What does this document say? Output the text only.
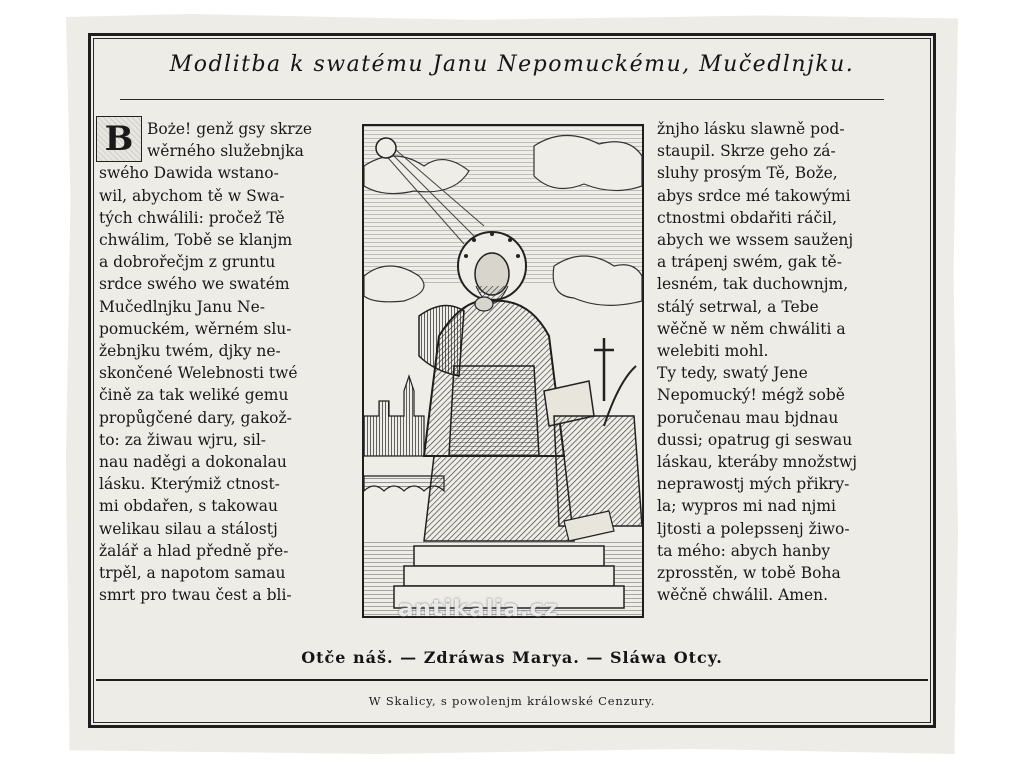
Modlitba k swatému Janu Nepomuckému, Mučedlnjku.
B Boże! genž gsy skrze
wěrného služebnjka
swého Dawida wstano-
wil, abychom tě w Swa-
tých chwálili: pročež Tě
chwálim, Tobě se klanjm
a dobrořečjm z gruntu
srdce swého we swatém
Mučedlnjku Janu Ne-
pomuckém, wěrném slu-
žebnjku twém, djky ne-
skončené Welebnosti twé
čině za tak weliké gemu
propůgčené dary, gakož-
to: za žiwau wjru, sil-
nau naděgi a dokonalau
lásku. Kterýmiž ctnost-
mi obdařen, s takowau
welikau silau a stálostj
žalář a hlad předně pře-
trpěl, a napotom samau
smrt pro twau čest a bli-
žnjho lásku slawně pod-
staupil. Skrze geho zá-
sluhy prosým Tě, Bože,
abys srdce mé takowými
ctnostmi obdařiti ráčil,
abych we wssem sauženj
a trápenj swém, gak tě-
lesném, tak duchownjm,
stálý setrwal, a Tebe
wěčně w něm chwáliti a
welebiti mohl.
Ty tedy, swatý Jene
Nepomucký! mégž sobě
poručenau mau bjdnau
dussi; opatrug gi seswau
láskau, kteráby množstwj
neprawostj mých přikry-
la; wypros mi nad njmi
ljtosti a polepssenj žiwo-
ta mého: abych hanby
zprosstěn, w tobě Boha
wěčně chwálil. Amen.
antikalia.cz
Otče náš. — Zdráwas Marya. — Sláwa Otcy.
W Skalicy, s powolenjm králowské Cenzury.
